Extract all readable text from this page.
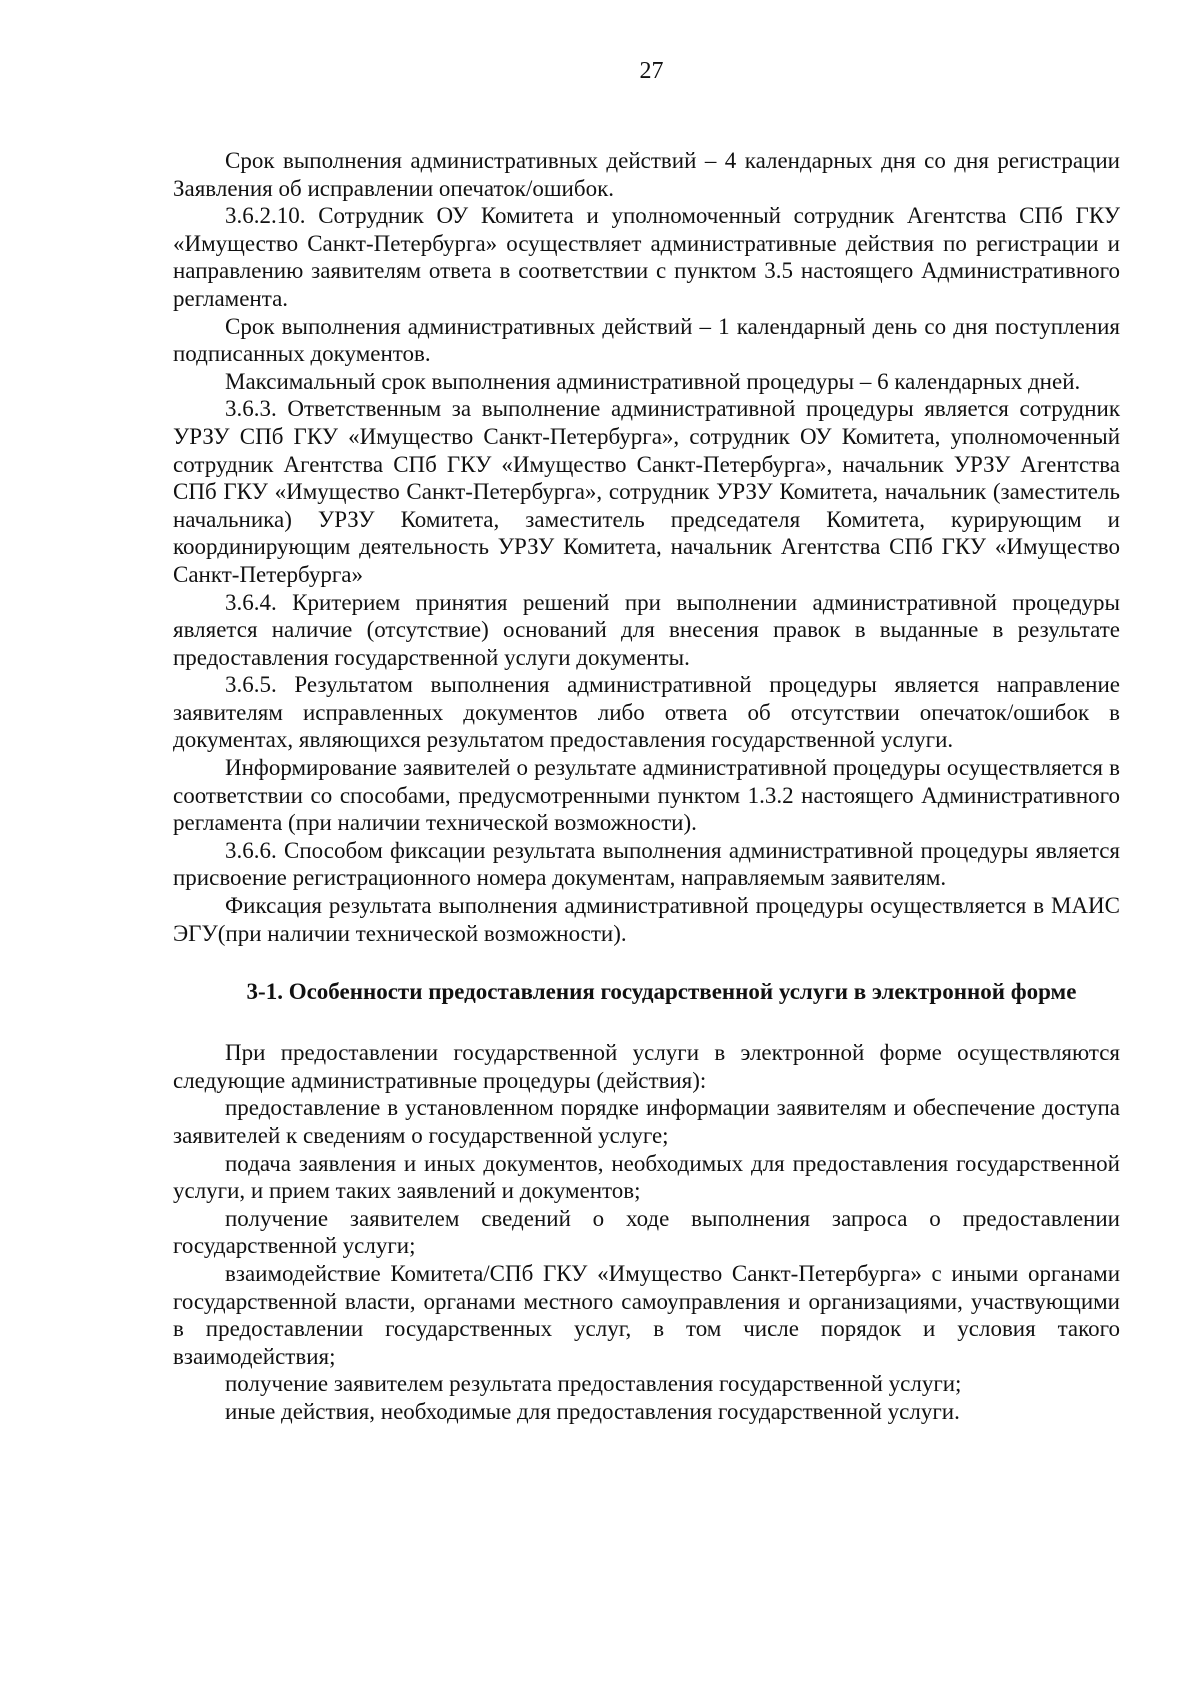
27

Срок выполнения административных действий – 4 календарных дня со дня регистрации Заявления об исправлении опечаток/ошибок.

3.6.2.10. Сотрудник ОУ Комитета и уполномоченный сотрудник Агентства СПб ГКУ «Имущество Санкт-Петербурга» осуществляет административные действия по регистрации и направлению заявителям ответа в соответствии с пунктом 3.5 настоящего Административного регламента.

Срок выполнения административных действий – 1 календарный день со дня поступления подписанных документов.

Максимальный срок выполнения административной процедуры – 6 календарных дней.

3.6.3. Ответственным за выполнение административной процедуры является сотрудник УРЗУ СПб ГКУ «Имущество Санкт-Петербурга», сотрудник ОУ Комитета, уполномоченный сотрудник Агентства СПб ГКУ «Имущество Санкт-Петербурга», начальник УРЗУ Агентства СПб ГКУ «Имущество Санкт-Петербурга», сотрудник УРЗУ Комитета, начальник (заместитель начальника) УРЗУ Комитета, заместитель председателя Комитета, курирующим и координирующим деятельность УРЗУ Комитета, начальник Агентства СПб ГКУ «Имущество Санкт-Петербурга»

3.6.4. Критерием принятия решений при выполнении административной процедуры является наличие (отсутствие) оснований для внесения правок в выданные в результате предоставления государственной услуги документы.

3.6.5. Результатом выполнения административной процедуры является направление заявителям исправленных документов либо ответа об отсутствии опечаток/ошибок в документах, являющихся результатом предоставления государственной услуги.

Информирование заявителей о результате административной процедуры осуществляется в соответствии со способами, предусмотренными пунктом 1.3.2 настоящего Административного регламента (при наличии технической возможности).

3.6.6. Способом фиксации результата выполнения административной процедуры является присвоение регистрационного номера документам, направляемым заявителям.

Фиксация результата выполнения административной процедуры осуществляется в МАИС ЭГУ(при наличии технической возможности).

3-1. Особенности предоставления государственной услуги в электронной форме

При предоставлении государственной услуги в электронной форме осуществляются следующие административные процедуры (действия):

предоставление в установленном порядке информации заявителям и обеспечение доступа заявителей к сведениям о государственной услуге;

подача заявления и иных документов, необходимых для предоставления государственной услуги, и прием таких заявлений и документов;

получение заявителем сведений о ходе выполнения запроса о предоставлении государственной услуги;

взаимодействие Комитета/СПб ГКУ «Имущество Санкт-Петербурга» с иными органами государственной власти, органами местного самоуправления и организациями, участвующими в предоставлении государственных услуг, в том числе порядок и условия такого взаимодействия;

получение заявителем результата предоставления государственной услуги;

иные действия, необходимые для предоставления государственной услуги.
